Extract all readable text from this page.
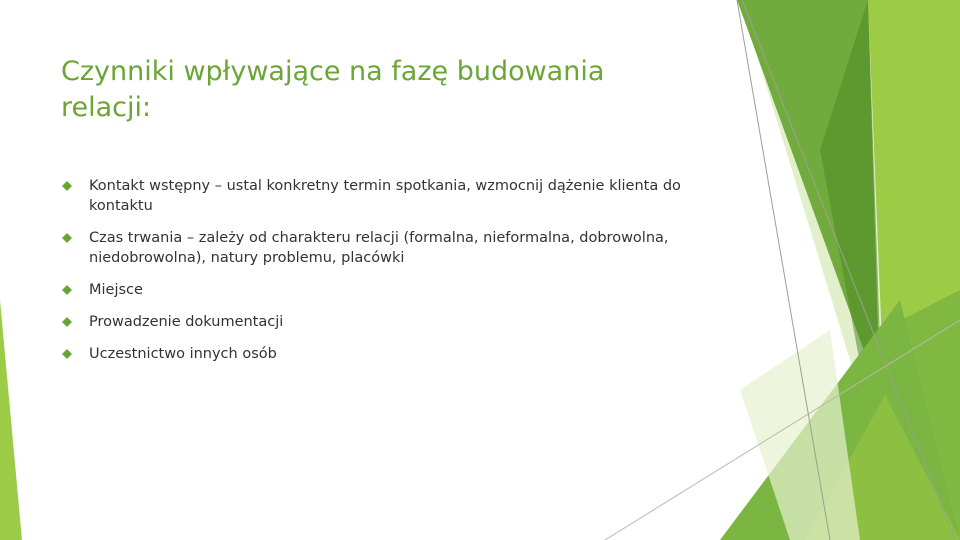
Czynniki wpływające na fazę budowania relacji:
Kontakt wstępny – ustal konkretny termin spotkania, wzmocnij dążenie klienta do kontaktu
Czas trwania – zależy od charakteru relacji (formalna, nieformalna, dobrowolna, niedobrowolna), natury problemu, placówki
Miejsce
Prowadzenie dokumentacji
Uczestnictwo innych osób
